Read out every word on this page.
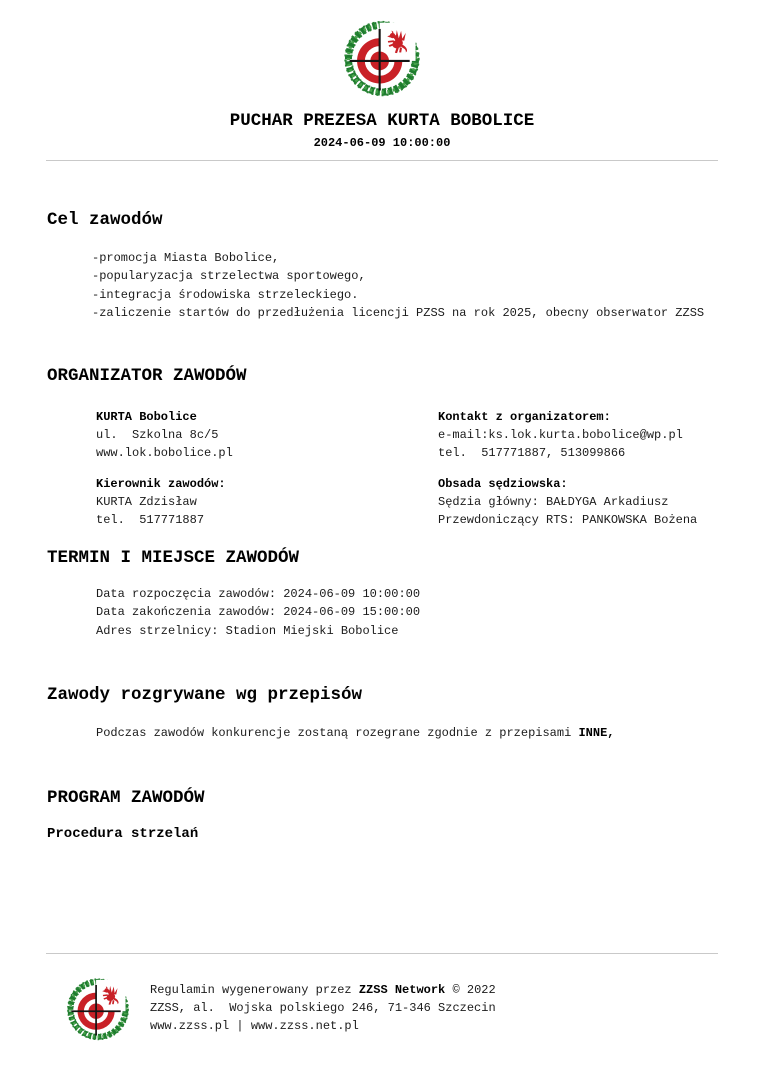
PUCHAR PREZESA KURTA BOBOLICE
2024-06-09 10:00:00
Cel zawodów
-promocja Miasta Bobolice,
-popularyzacja strzelectwa sportowego,
-integracja środowiska strzeleckiego.
-zaliczenie startów do przedłużenia licencji PZSS na rok 2025, obecny obserwator ZZSS
ORGANIZATOR ZAWODÓW
KURTA Bobolice
ul.  Szkolna 8c/5
www.lok.bobolice.pl
Kontakt z organizatorem:
e-mail:ks.lok.kurta.bobolice@wp.pl
tel.  517771887, 513099866
Kierownik zawodów:
KURTA Zdzisław
tel.  517771887
Obsada sędziowska:
Sędzia główny: BAŁDYGA Arkadiusz
Przewdoniczący RTS: PANKOWSKA Bożena
TERMIN I MIEJSCE ZAWODÓW
Data rozpoczęcia zawodów: 2024-06-09 10:00:00
Data zakończenia zawodów: 2024-06-09 15:00:00
Adres strzelnicy: Stadion Miejski Bobolice
Zawody rozgrywane wg przepisów
Podczas zawodów konkurencje zostaną rozegrane zgodnie z przepisami INNE,
PROGRAM ZAWODÓW
Procedura strzelań
Regulamin wygenerowany przez ZZSS Network © 2022
ZZSS, al.  Wojska polskiego 246, 71-346 Szczecin
www.zzss.pl | www.zzss.net.pl
